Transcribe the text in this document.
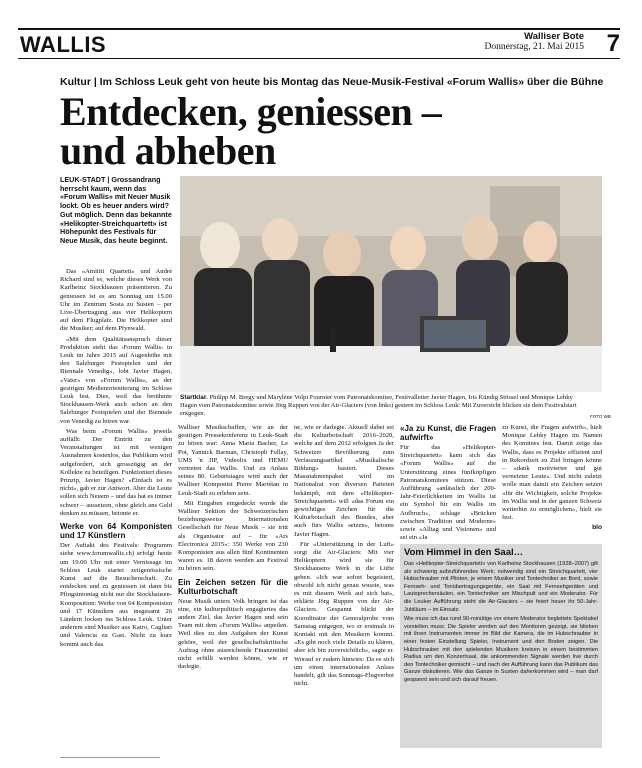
WALLIS	Walliser Bote
Donnerstag, 21. Mai 2015 7
Kultur | Im Schloss Leuk geht von heute bis Montag das Neue-Musik-Festival «Forum Wallis» über die Bühne
Entdecken, geniessen –
und abheben
LEUK-STADT | Grossandrang herrscht kaum, wenn das «Forum Wallis» mit Neuer Musik lockt. Ob es heuer anders wird? Gut möglich. Denn das bekannte «Helikopter-Streichquartett» ist Höhepunkt des Festivals für Neue Musik, das heute beginnt.
Startklar. Philipp M. Bregy und Marylène Volpi Fournier vom Patronatskomitee, Festivalleiter Javier Hagen, Iris Kündig Stössel und Monique Lehky Hagen vom Patronatskomitee sowie Jörg Ruppen von der Air-Glaciers (von links) gestern im Schloss Leuk: Mit Zuversicht blicken sie dem Festivalstart entgegen.	FOTO WB

Das «Amiitti Quartett» und André Richard sind es, welche dieses Werk von Karlheinz Stockhausen präsentieren. Zu geniessen ist es am Sonntag um 15.00 Uhr im Zentrum Sosta zu Susten – per Live-Übertragung aus vier Helikoptern auf dem Flugplatz. Die Helikopter sind die Musiker; auf dem Pfynwald.

«Mit dem Qualitätsanspruch dieser Produktion steht das ‹Forum Wallis› in Leuk im Jahre 2015 auf Augenhöhe mit den Salzburger Festspielen und der Biennale Venedig», lobt Javier Hagen, «Vater» von «Forum Wallis», an der gestrigen Medienorientierung im Schloss Leuk fest. Dies, weil das berühmte Stockhausen-Werk auch schon an den Salzburger Festspielen und der Biennale von Venedig zu hören war.

Was beim «Forum Wallis» jeweils auffällt: Der Eintritt zu den Veranstaltungen ist mit wenigen Ausnahmen kostenlos, das Publikum wird aufgefordert, sich grosszügig an der Kollekte zu beteiligen. Funktioniert dieses Prinzip, Javier Hagen? «Einfach ist es nicht», gab er zur Antwort. Aber die Leute sollen sich Neuem – und das hat es immer schwer – aussetzen, ohne gleich ans Geld denken zu müssen, betonte er.

Werke von 64 Komponisten und 17 Künstlern

Der Auftakt des Festivals: Programm siehe www.forumwallis.ch) erfolgt heute um 19.00 Uhr mit einer Vernissage im Schloss Leuk startet zeitgenössische Kunst auf die Besucherschaft. Zu entdecken und zu geniessen ist dann bis Pfingstmontag nicht nur die Stockhausen-Komposition: Werke von 64 Komponisten und 17 Künstlern aus insgesamt 26 Ländern locken ins Schloss Leuk. Unter anderem sind Musiker aus Kairo, Cagliari und Valencia zu Gast. Nicht zu kurz kommt auch das

Walliser Musikschaffen, wie an der gestrigen Pressekonferenz in Leuk-Stadt zu hören war: Anna Maria Bacher, Le Pot, Yannick Barman, Christoph Fellay, UMS 'n JIP, Videolix und HEMU vertreten das Wallis. Und zu Anlass seines 80. Geburtstages wird auch der Walliser Komponist Pierre Mariétan in Leuk-Stadt zu erleben sein.

Mit Eingaben eingedeckt wurde die Walliser Sektion der Schweizerischen beziehungsweise Internationalen Gesellschaft für Neue Musik – sie tritt als Organisator auf – für «Ars Electronica 2015»: 350 Werke von 230 Komponisten aus allen fünf Kontinenten waren es. 18 davon werden am Festival zu hören sein.

Ein Zeichen setzen für die Kulturbotschaft

Neue Musik unters Volk bringen ist das eine, ein kulturpolitisch engagiertes das andere Ziel, das Javier Hagen und sein Team mit dem «Forum Wallis» anpeilen. Weil dies zu den Aufgaben der Kunst gehöre, weil der gesellschaftskritische Auftrag ohne ausreichende Finanzmittel nicht erfüllt werden könne, wie er darlegte.

ne, wie er darlegte. Aktuell dabei sei die Kulturbotschaft 2016–2020, welche auf dem 2012 erfolgten Ja der Schweizer Bevölkerung zum Verfassungsartikel «Musikalische Bildung» basiert. Dieses Massnahmenpaket wird im Nationalrat von diversen Parteien bekämpft, mit dem «Helikopter-Streichquartett» will «das Forum ein gewichtiges Zeichen für die Kulturbotschaft des Bundes, aber auch fürs Wallis setzen», betonte Javier Hagen.

Für «Unterstützung in der Luft» sorgt die Air-Glaciers: Mit vier Helikoptern wird sie für Stockhausens Werk in die Lüfte geben. «Ich war sofort begeistert, obwohl ich nicht genau wusste, was es mit diesem Werk auf sich hat», erklärte Jörg Ruppen von der Air-Glaciers. Gespannt blickt der Koordinator der Generalprobe vom Samstag entgegen, wo er erstmals in Kontakt mit den Musikern kommt. «Es gibt noch viele Details zu klären, aber ich bin zuversichtlich», sagte er. Worauf er zudem hinwies: Da es sich um einen internationalen Anlass handelt, gilt das Sonntags-Flugverbot nicht.

«Ja zu Kunst, die Fragen aufwirft»

Für das «Helikopter-Streichquartett» kann sich das «Forum Wallis» auf die Unterstützung eines fünfköpfigen Patronatskomitees stützen. Diese Aufführung «anlässlich der 200-Jahr-Feierlichkeiten im Wallis ist ein Symbol für ein Wallis im Aufbruch», schlage «Brücken zwischen Tradition und Moderne» sowie «Alltag und Visionen» und sei ein «Ja

zu Kunst, die Fragen aufwirft», hielt Monique Lehky Hagen im Namen des Komitees fest. Damit zeige das Wallis, dass es Projekte effizient und in Rekordzeit zu Ziel bringen könne – «dank motivierter und gut vernetzter Leute». Und nicht zuletzt wolle man damit ein Zeichen setzen «für die Wichtigkeit, solche Projekte im Wallis und in der ganzen Schweiz weiterhin zu ermöglichen», hielt sie fest.

blo
Vom Himmel in den Saal…

Das «Helikopter-Streichquartett» von Karlheinz Stockhausen (1928–2007) gilt als schwierig aufzuführendes Werk; notwendig sind ein Streichquartett, vier Hubschrauber mit Piloten, je einem Musiker und Tontechniker an Bord, sowie Fernseh- und Tonübertragungsgeräte, ein Saal mit Fernsehgeräten und Lautsprechersäulen, ein Tontechniker am Mischpult und ein Moderator. Für die Leuker Aufführung steht die Air-Glaciers – sie feiert heuer ihr 50-Jahr-Jubiläum – im Einsatz.

Wie muss ich das rund 90-minütige vor einem Moderator begleitete Spektakel vorstellen muss: Die Spieler werden auf den Monitoren gezeigt, sie blieben mit ihren Instrumenten immer im Bild der Kamera, die im Hubschrauber in einer festen Einstellung Spieler, Instrument und den Boden zeigen. Die Hubschrauber mit den spielenden Musikern kreisen in einem bestimmten Radius um den Konzertsaal, die ankommenden Signale werden live durch den Tontechniker gemischt – und nach der Aufführung kann das Publikum das Ganze diskutieren. Wie das Ganze in Susten daherkommen wird – man darf gespannt sein und sich darauf freuen.
